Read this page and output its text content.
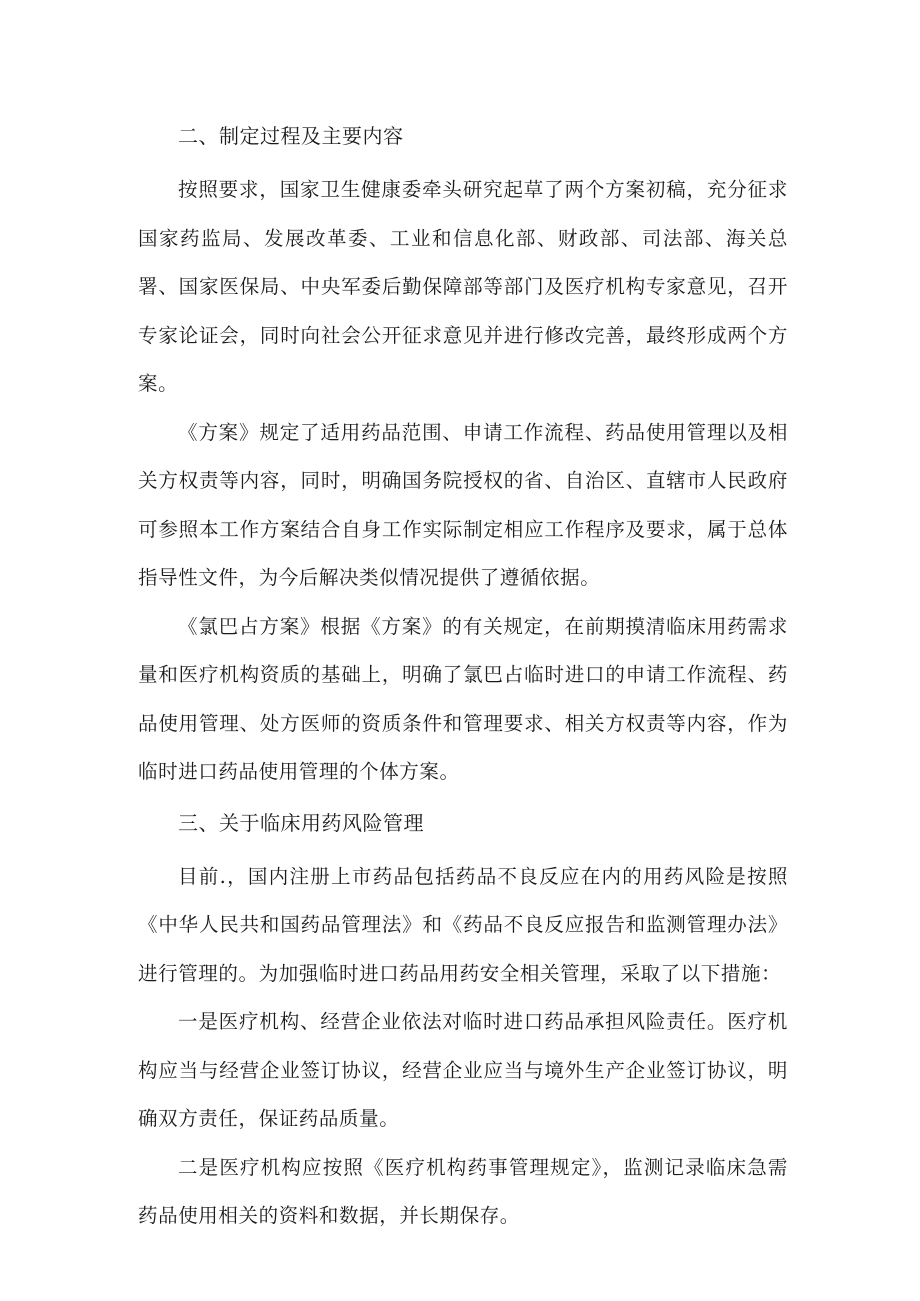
二、制定过程及主要内容

按照要求，国家卫生健康委牵头研究起草了两个方案初稿，充分征求国家药监局、发展改革委、工业和信息化部、财政部、司法部、海关总署、国家医保局、中央军委后勤保障部等部门及医疗机构专家意见，召开专家论证会，同时向社会公开征求意见并进行修改完善，最终形成两个方案。

《方案》规定了适用药品范围、申请工作流程、药品使用管理以及相关方权责等内容，同时，明确国务院授权的省、自治区、直辖市人民政府可参照本工作方案结合自身工作实际制定相应工作程序及要求，属于总体指导性文件，为今后解决类似情况提供了遵循依据。

《氯巴占方案》根据《方案》的有关规定，在前期摸清临床用药需求量和医疗机构资质的基础上，明确了氯巴占临时进口的申请工作流程、药品使用管理、处方医师的资质条件和管理要求、相关方权责等内容，作为临时进口药品使用管理的个体方案。

三、关于临床用药风险管理

目前.，国内注册上市药品包括药品不良反应在内的用药风险是按照《中华人民共和国药品管理法》和《药品不良反应报告和监测管理办法》进行管理的。为加强临时进口药品用药安全相关管理，采取了以下措施：

一是医疗机构、经营企业依法对临时进口药品承担风险责任。医疗机构应当与经营企业签订协议，经营企业应当与境外生产企业签订协议，明确双方责任，保证药品质量。

二是医疗机构应按照《医疗机构药事管理规定》，监测记录临床急需药品使用相关的资料和数据，并长期保存。
